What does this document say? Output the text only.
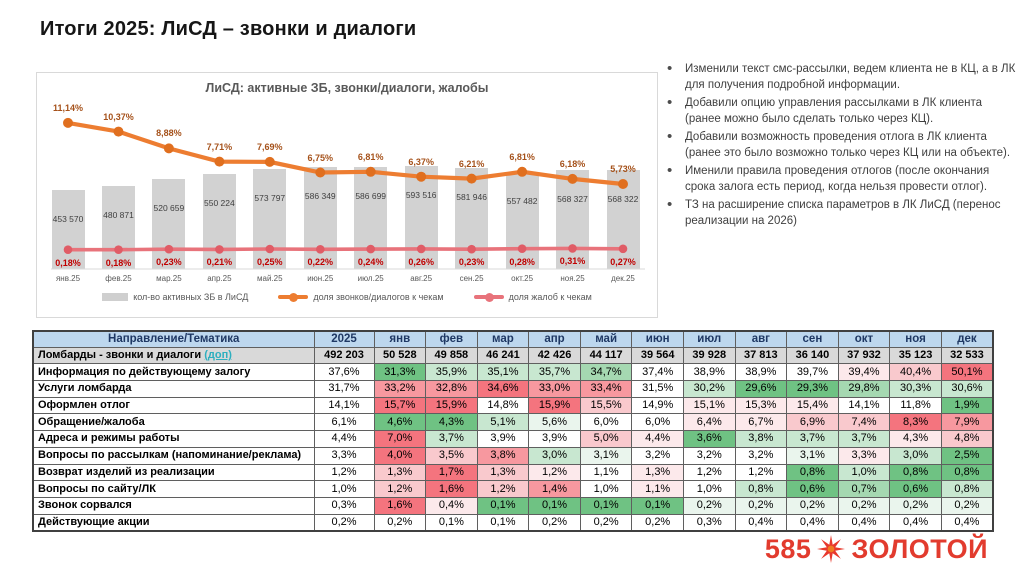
Итоги 2025: ЛиСД – звонки и диалоги
ЛиСД: активные ЗБ, звонки/диалоги, жалобы
453 570	480 871
520 659
550 224	573 797	586 349	586 699	593 516	581 946	557 482	568 327	568 322
11,14%
10,37%
8,88%
7,71%	7,69%
6,75%	6,81%	6,37%	6,21%
6,81%
6,18%
5,73%
0,18%	0,18%	0,23%	0,21%	0,25%	0,22%	0,24%	0,26%	0,23%	0,28%	0,31%	0,27%
янв.25	фев.25	мар.25	апр.25	май.25	июн.25	июл.25	авг.25	сен.25	окт.25	ноя.25	дек.25
кол-во активных ЗБ в ЛиСД	доля звонков/диалогов к чекам	доля жалоб к чекам
• Изменили текст смс-рассылки, ведем клиента не в КЦ, а в ЛК для получения подробной информации.
• Добавили опцию управления рассылками в ЛК клиента (ранее можно было сделать только через КЦ).
• Добавили возможность проведения отлога в ЛК клиента (ранее это было возможно только через КЦ или на объекте).
• Именили правила проведения отлогов (после окончания срока залога есть период, когда нельзя провести отлог).
• ТЗ на расширение списка параметров в ЛК ЛиСД (перенос реализации на 2026)
Направление/Тематика	2025	янв	фев	мар	апр	май	июн	июл	авг	сен	окт	ноя	дек
Ломбарды - звонки и диалоги (доп)	492 203	50 528	49 858	46 241	42 426	44 117	39 564	39 928	37 813	36 140	37 932	35 123	32 533
Информация по действующему залогу	37,6%	31,3%	35,9%	35,1%	35,7%	34,7%	37,4%	38,9%	38,9%	39,7%	39,4%	40,4%	50,1%
Услуги ломбарда	31,7%	33,2%	32,8%	34,6%	33,0%	33,4%	31,5%	30,2%	29,6%	29,3%	29,8%	30,3%	30,6%
Оформлен отлог	14,1%	15,7%	15,9%	14,8%	15,9%	15,5%	14,9%	15,1%	15,3%	15,4%	14,1%	11,8%	1,9%
Обращение/жалоба	6,1%	4,6%	4,3%	5,1%	5,6%	6,0%	6,0%	6,4%	6,7%	6,9%	7,4%	8,3%	7,9%
Адреса и режимы работы	4,4%	7,0%	3,7%	3,9%	3,9%	5,0%	4,4%	3,6%	3,8%	3,7%	3,7%	4,3%	4,8%
Вопросы по рассылкам (напоминание/реклама)	3,3%	4,0%	3,5%	3,8%	3,0%	3,1%	3,2%	3,2%	3,2%	3,1%	3,3%	3,0%	2,5%
Возврат изделий из реализации	1,2%	1,3%	1,7%	1,3%	1,2%	1,1%	1,3%	1,2%	1,2%	0,8%	1,0%	0,8%	0,8%
Вопросы по сайту/ЛК	1,0%	1,2%	1,6%	1,2%	1,4%	1,0%	1,1%	1,0%	0,8%	0,6%	0,7%	0,6%	0,8%
Звонок сорвался	0,3%	1,6%	0,4%	0,1%	0,1%	0,1%	0,1%	0,2%	0,2%	0,2%	0,2%	0,2%	0,2%
Действующие акции	0,2%	0,2%	0,1%	0,1%	0,2%	0,2%	0,2%	0,3%	0,4%	0,4%	0,4%	0,4%	0,4%
585 ЗОЛОТОЙ
